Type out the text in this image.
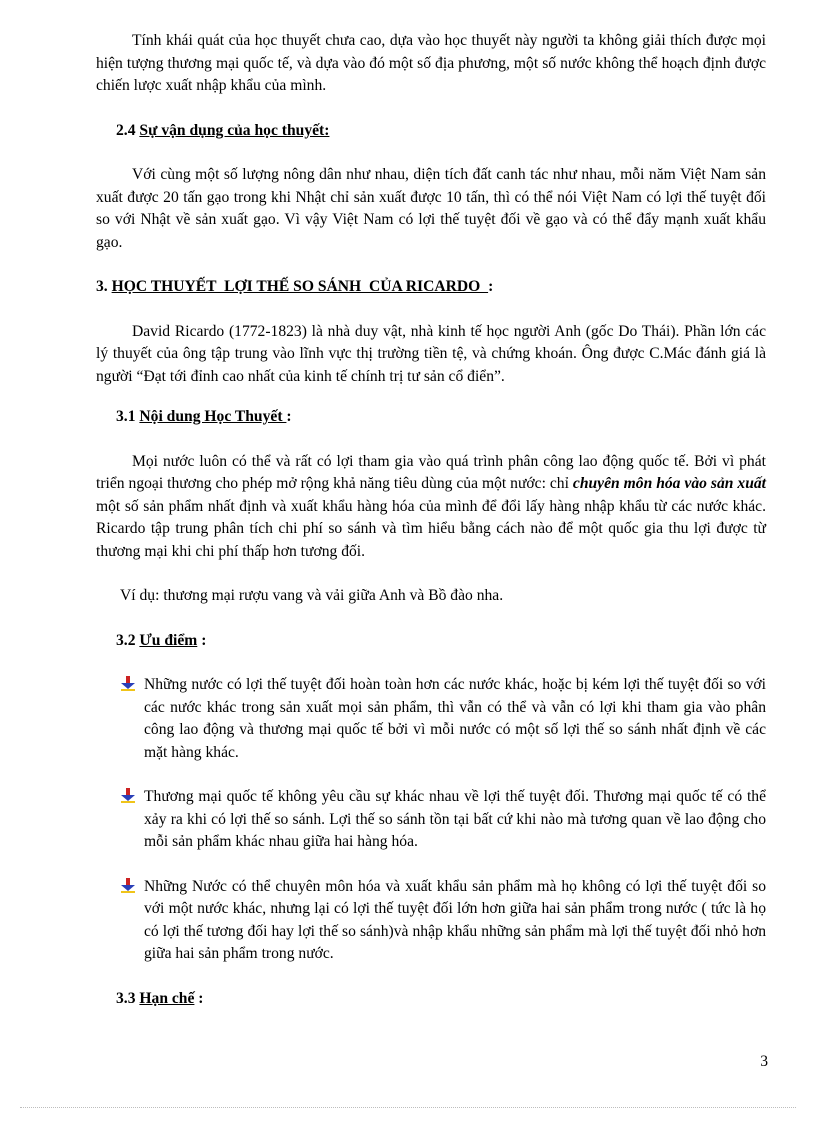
Tính khái quát của học thuyết chưa cao, dựa vào học thuyết này người ta không giải thích được mọi hiện tượng thương mại quốc tế, và dựa vào đó một số địa phương, một số nước không thể hoạch định được chiến lược xuất nhập khẩu của mình.

2.4 Sự vận dụng của học thuyết:

Với cùng một số lượng nông dân như nhau, diện tích đất canh tác như nhau, mỗi năm Việt Nam sản xuất được 20 tấn gạo trong khi Nhật chỉ sản xuất được 10 tấn, thì có thể nói Việt Nam có lợi thế tuyệt đối so với Nhật về sản xuất gạo. Vì vậy Việt Nam có lợi thế tuyệt đối về gạo và có thể đẩy mạnh xuất khẩu gạo.

3. HỌC THUYẾT  LỢI THẾ SO SÁNH  CỦA RICARDO  :

David Ricardo (1772-1823) là nhà duy vật, nhà kinh tế học người Anh (gốc Do Thái). Phần lớn các lý thuyết của ông tập trung vào lĩnh vực thị trường tiền tệ, và chứng khoán. Ông được C.Mác đánh giá là người “Đạt tới đỉnh cao nhất của kinh tế chính trị tư sản cổ điển”.

3.1 Nội dung Học Thuyết :

Mọi nước luôn có thể và rất có lợi tham gia vào quá trình phân công lao động quốc tế. Bởi vì phát triển ngoại thương cho phép mở rộng khả năng tiêu dùng của một nước: chỉ chuyên môn hóa vào sản xuất một số sản phẩm nhất định và xuất khẩu hàng hóa của mình để đổi lấy hàng nhập khẩu từ các nước khác. Ricardo tập trung phân tích chi phí so sánh và tìm hiểu bằng cách nào để một quốc gia thu lợi được từ thương mại khi chi phí thấp hơn tương đối.

Ví dụ: thương mại rượu vang và vải giữa Anh và Bồ đào nha.

3.2 Ưu điểm :

Những nước có lợi thế tuyệt đối hoàn toàn hơn các nước khác, hoặc bị kém lợi thế tuyệt đối so với các nước khác trong sản xuất mọi sản phẩm, thì vẫn có thể và vẫn có lợi khi tham gia vào phân công lao động và thương mại quốc tế bởi vì mỗi nước có một số lợi thế so sánh nhất định về các mặt hàng khác.
Thương mại quốc tế không yêu cầu sự khác nhau về lợi thế tuyệt đối. Thương mại quốc tế có thể xảy ra khi có lợi thế so sánh. Lợi thế so sánh tồn tại bất cứ khi nào mà tương quan về lao động cho mỗi sản phẩm khác nhau giữa hai hàng hóa.
Những Nước có thể chuyên môn hóa và xuất khẩu sản phẩm mà họ không có lợi thế tuyệt đối so với một nước khác, nhưng lại có lợi thế tuyệt đối lớn hơn giữa hai sản phẩm trong nước ( tức là họ có lợi thế tương đối hay lợi thế so sánh)và nhập khẩu những sản phẩm mà lợi thế tuyệt đối nhỏ hơn giữa hai sản phẩm trong nước.

3.3 Hạn chế :

3
